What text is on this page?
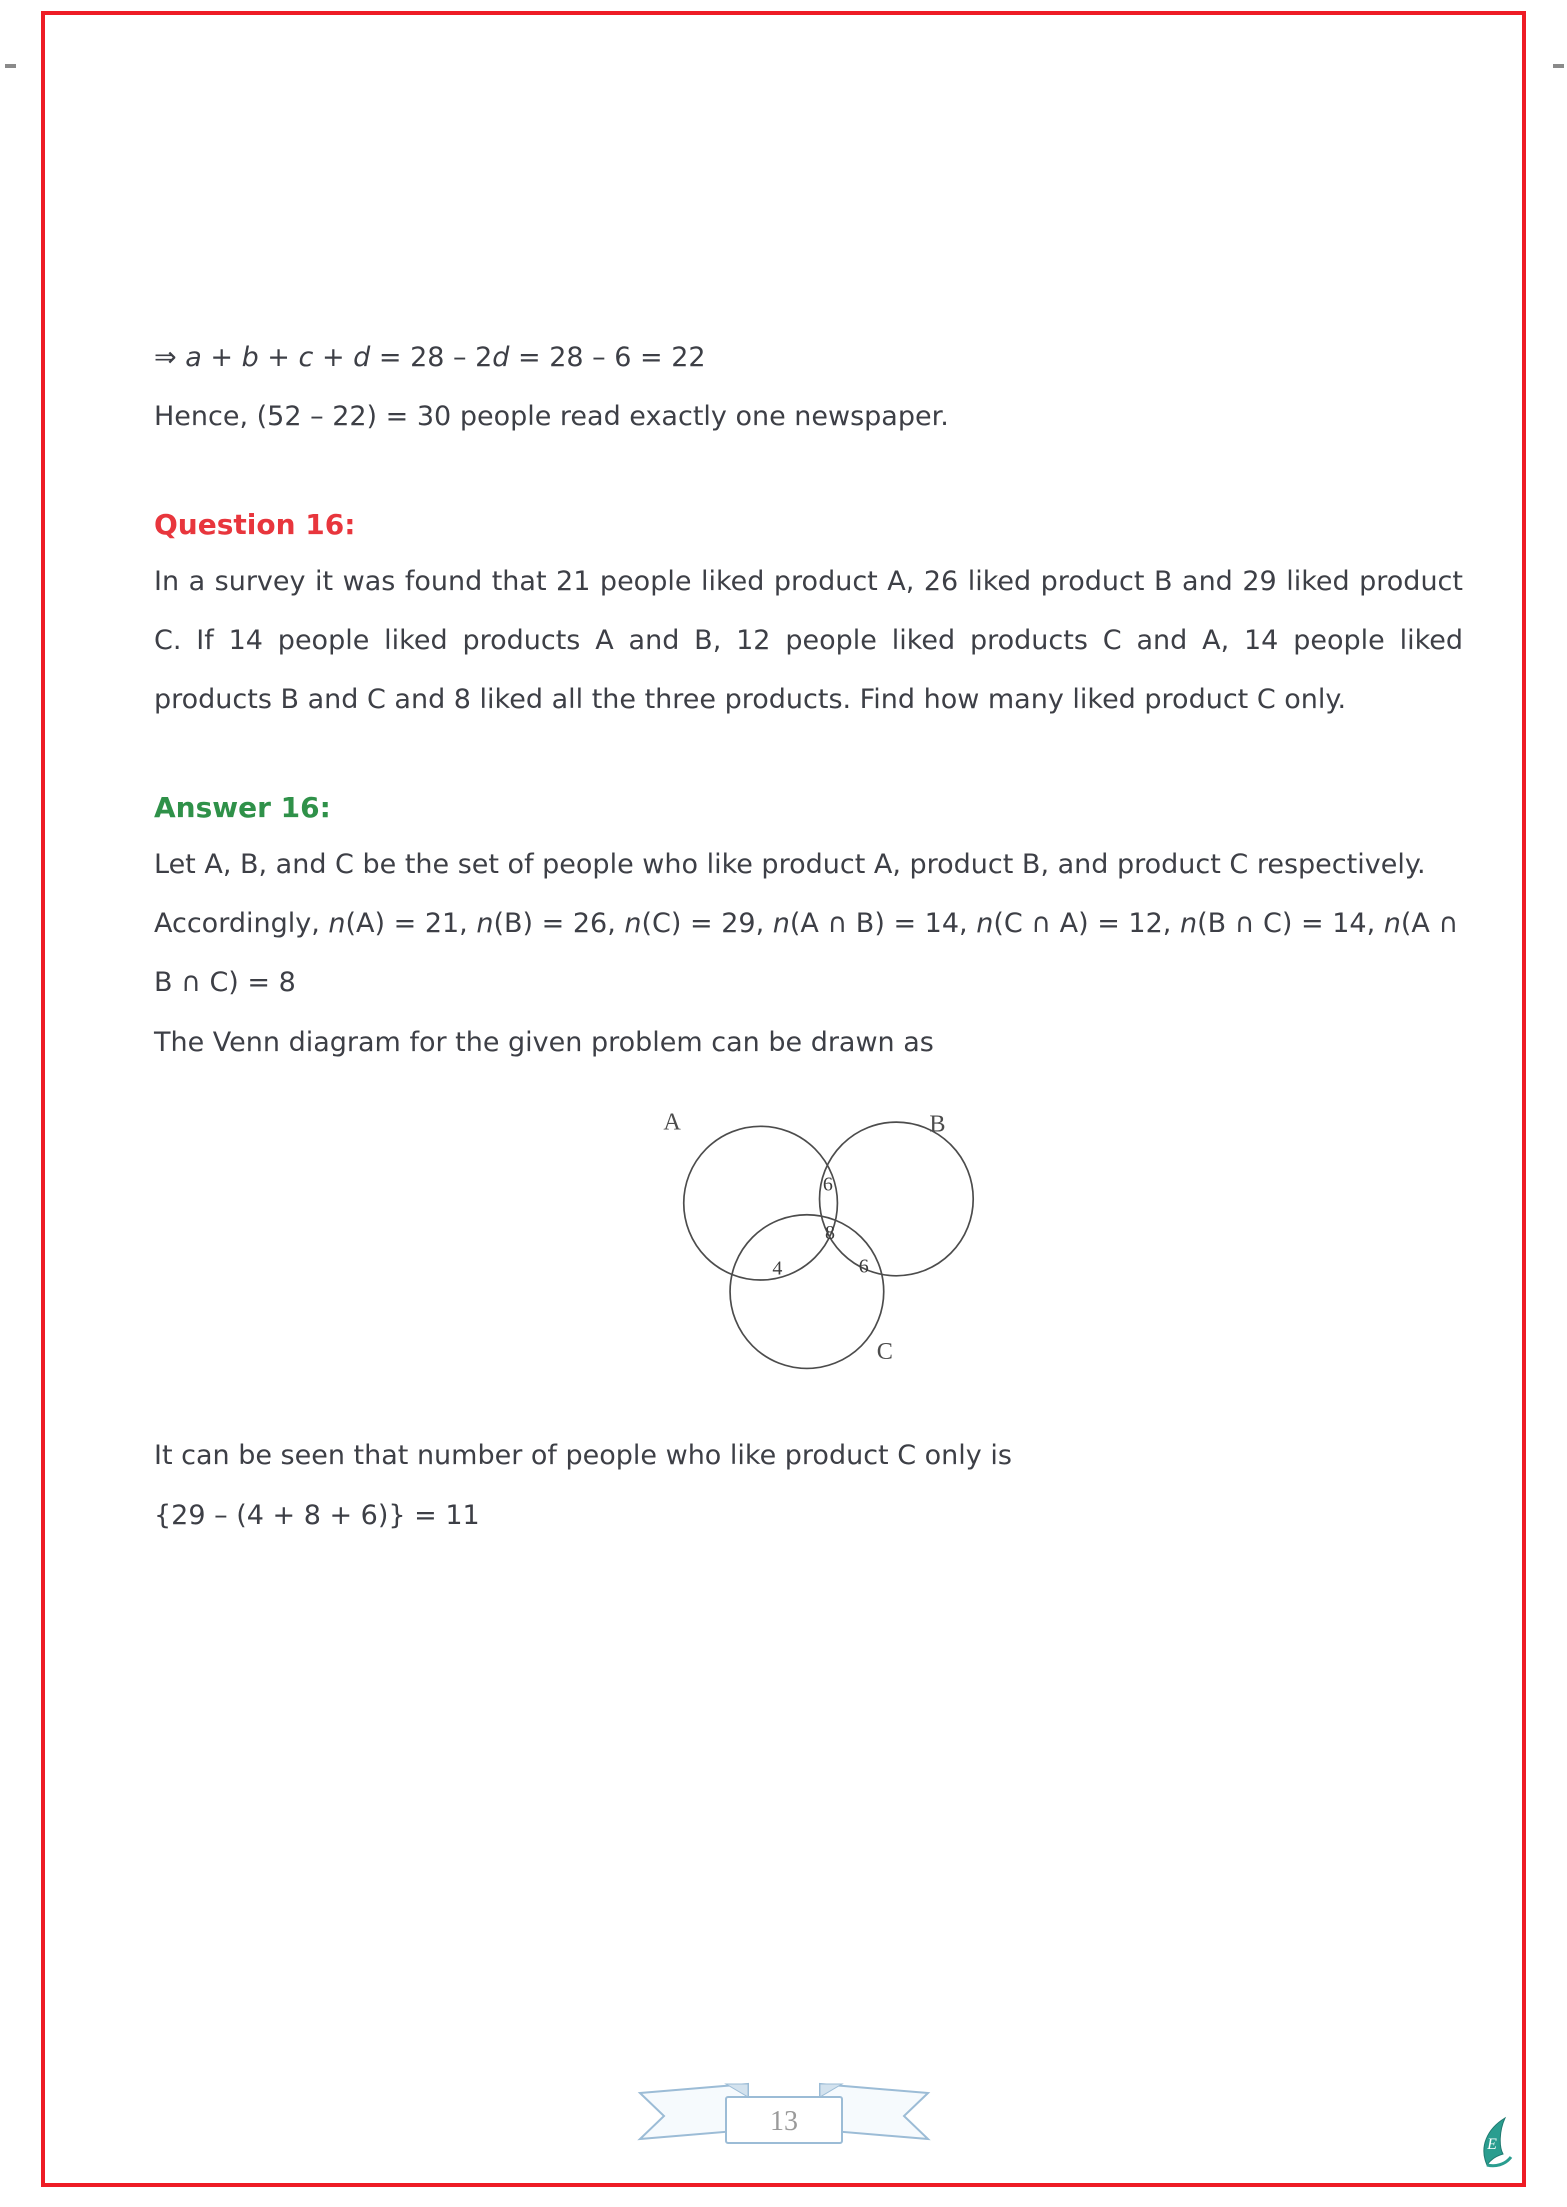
⇒ a + b + c + d = 28 – 2d = 28 – 6 = 22

Hence, (52 – 22) = 30 people read exactly one newspaper.

Question 16:

In a survey it was found that 21 people liked product A, 26 liked product B and 29 liked product C. If 14 people liked products A and B, 12 people liked products C and A, 14 people liked products B and C and 8 liked all the three products. Find how many liked product C only.

Answer 16:

Let A, B, and C be the set of people who like product A, product B, and product C respectively.

Accordingly, n(A) = 21, n(B) = 26, n(C) = 29, n(A ∩ B) = 14, n(C ∩ A) = 12, n(B ∩ C) = 14, n(A ∩ B ∩ C) = 8

The Venn diagram for the given problem can be drawn as

A	B
C
6
8
4	6

It can be seen that number of people who like product C only is

{29 – (4 + 8 + 6)} = 11

13
E
